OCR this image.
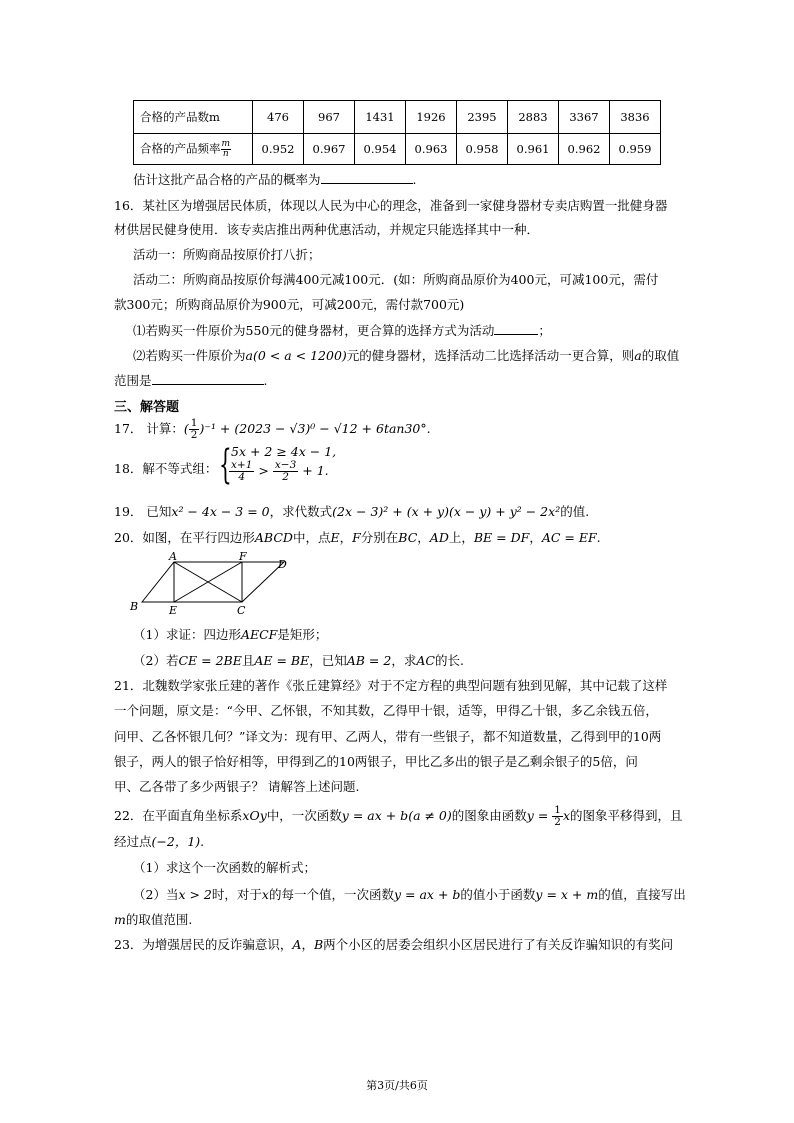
合格的产品数m	476	967	1431	1926	2395	2883	3367	3836
合格的产品频率 $\frac{m}{n}$	0.952	0.967	0.954	0.963	0.958	0.961	0.962	0.959
估计这批产品合格的产品的概率为	.
16．某社区为增强居民体质，体现以人民为中心的理念，准备到一家健身器材专卖店购置一批健身器
材供居民健身使用．该专卖店推出两种优惠活动，并规定只能选择其中一种．
活动一：所购商品按原价打八折；
活动二：所购商品按原价每满400元减100元．(如：所购商品原价为400元，可减100元，需付
款300元；所购商品原价为900元，可减200元，需付款700元)
⑴若购买一件原价为550元的健身器材，更合算的选择方式为活动	；
⑵若购买一件原价为a(0 < a < 1200)元的健身器材，选择活动二比选择活动一更合算，则a的取值
范围是	.
三、解答题
17． 计算：( $\frac{1}{2} )^{-1} + (2023 - √3)^0 - √12 + 6\tan 30^\circ$.
18．解不等式组： { 5x + 2 ≥ 4x − 1,
$\frac{x+1}{4} > \frac{x-3}{2} + 1$.
19． 已知x² − 4x − 3 = 0，求代数式(2x − 3)² + (x + y)(x − y) + y² − 2x²的值.
20．如图，在平行四边形ABCD中，点E，F分别在BC，AD上，BE = DF，AC = EF.
A	F
D
B	E	C
（1）求证：四边形AECF是矩形；
（2）若CE = 2BE且AE = BE，已知AB = 2，求AC的长.
21．北魏数学家张丘建的著作《张丘建算经》对于不定方程的典型问题有独到见解，其中记载了这样
一个问题，原文是：“今甲、乙怀银，不知其数，乙得甲十银，适等，甲得乙十银，多乙余钱五倍，
问甲、乙各怀银几何？”译文为：现有甲、乙两人，带有一些银子，都不知道数量，乙得到甲的10两
银子，两人的银子恰好相等，甲得到乙的10两银子，甲比乙多出的银子是乙剩余银子的5倍，问
甲、乙各带了多少两银子？ 请解答上述问题.
22．在平面直角坐标系xOy中，一次函数y = ax + b(a ≠ 0)的图象由函数$y = \frac{1}{2}$ x的图象平移得到，且
经过点(−2，1).
（1）求这个一次函数的解析式；
（2）当x > 2时，对于x的每一个值，一次函数y = ax + b的值小于函数y = x + m的值，直接写出
m的取值范围.
23．为增强居民的反诈骗意识，A，B两个小区的居委会组织小区居民进行了有关反诈骗知识的有奖问
第3页/共6页
